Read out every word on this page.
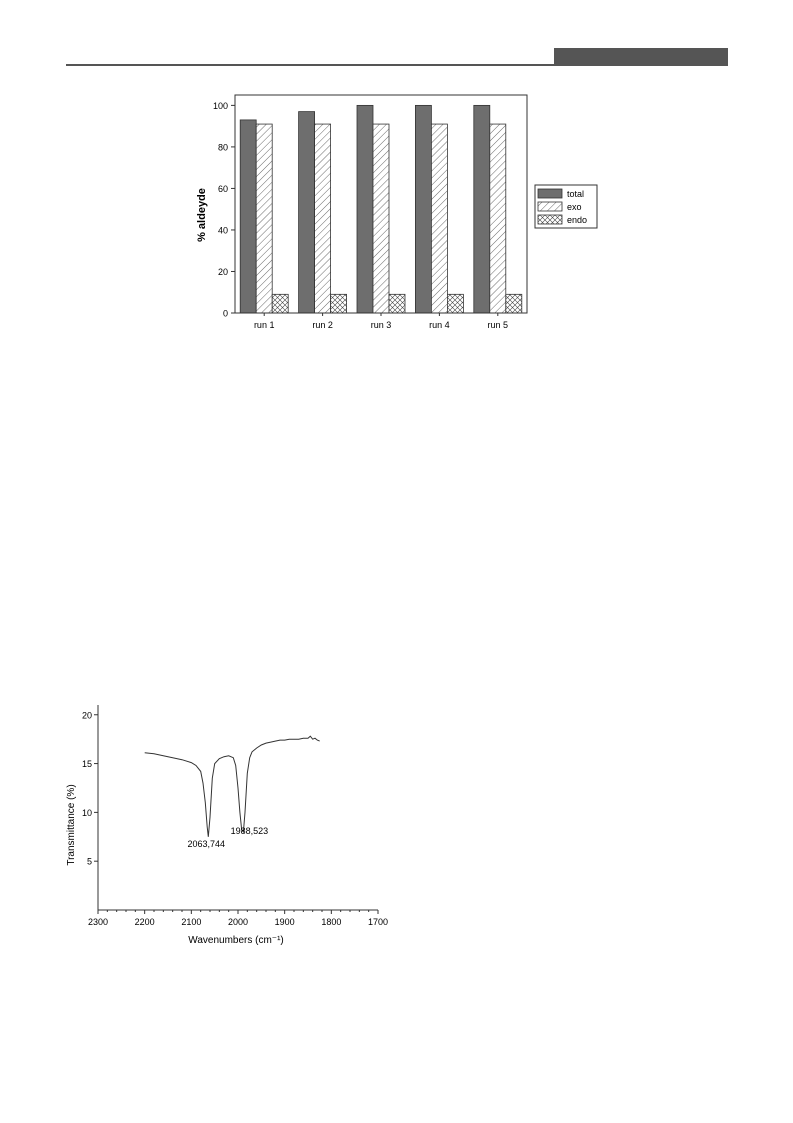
% aldeyde
0
20
40
60
80
100
run 1	run 2	run 3	run 4	run 5
total
exo
endo
Transmittance (%)
Wavenumbers (cm⁻¹)
5
10
15
20
2300	2200	2100	2000	1900	1800	1700
2063,744
1988,523
